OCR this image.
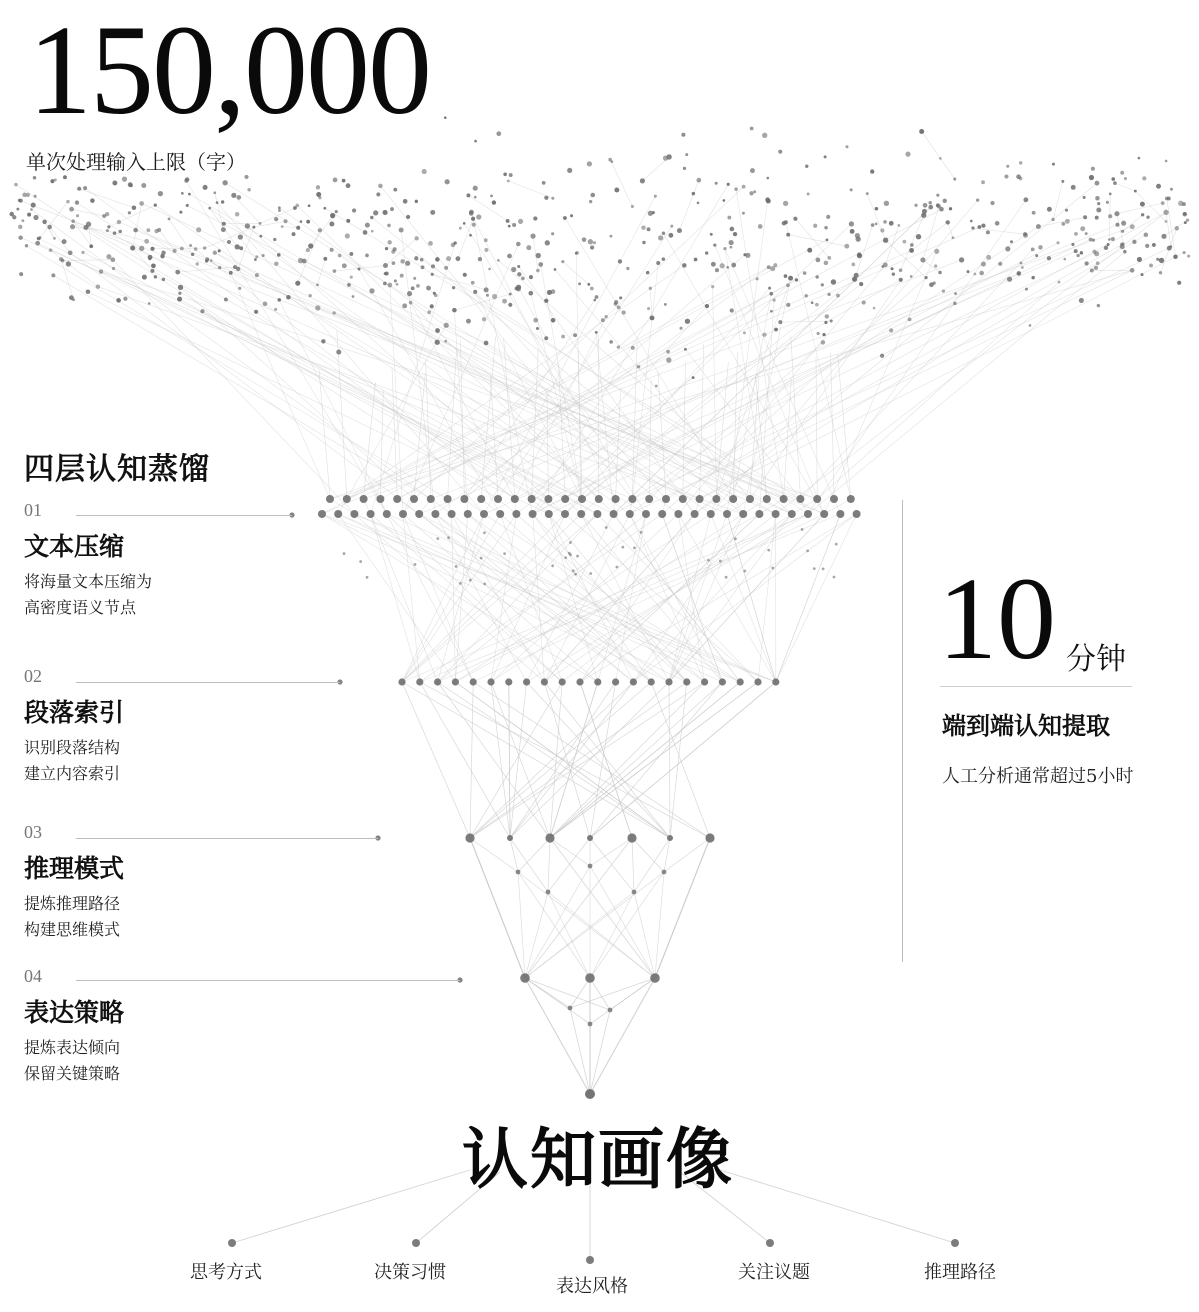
150,000
单次处理输入上限（字）
四层认知蒸馏
01
文本压缩
将海量文本压缩为
高密度语义节点
02
段落索引
识别段落结构
建立内容索引
03
推理模式
提炼推理路径
构建思维模式
04
表达策略
提炼表达倾向
保留关键策略
10 分钟
端到端认知提取
人工分析通常超过5小时
认知画像
思考方式	决策习惯
表达风格
关注议题	推理路径
